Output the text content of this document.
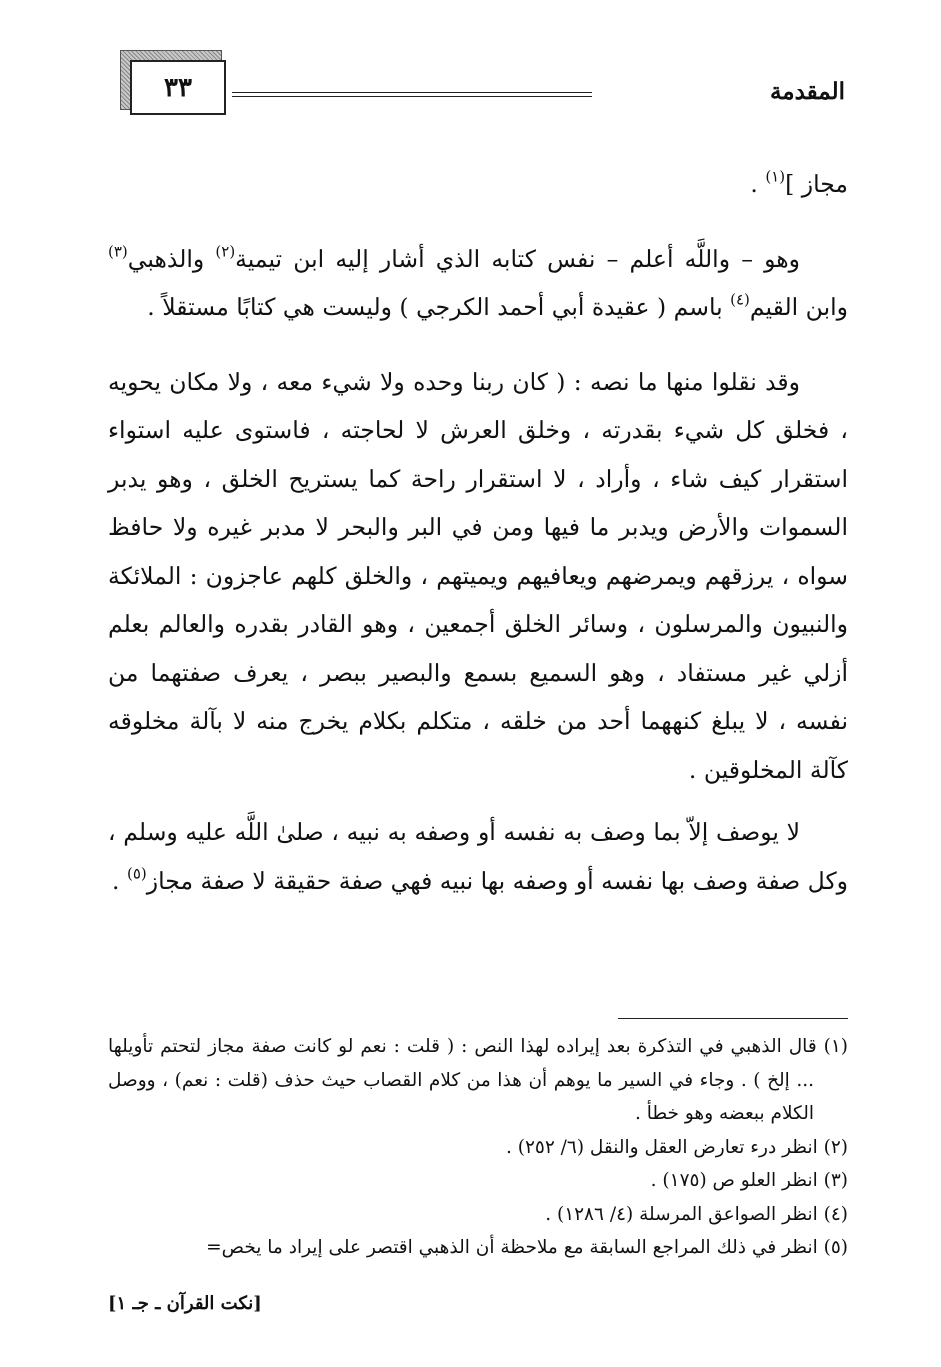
٣٣	المقدمة

مجاز ]$^{(١)}$ .

وهو – واللَّه أعلم – نفس كتابه الذي أشار إليه ابن تيمية$^{(٢)}$ والذهبي$^{(٣)}$ وابن القيم$^{(٤)}$ باسم ( عقيدة أبي أحمد الكرجي ) وليست هي كتابًا مستقلاً .

وقد نقلوا منها ما نصه : ( كان ربنا وحده ولا شيء معه ، ولا مكان يحويه ، فخلق كل شيء بقدرته ، وخلق العرش لا لحاجته ، فاستوى عليه استواء استقرار كيف شاء ، وأراد ، لا استقرار راحة كما يستريح الخلق ، وهو يدبر السموات والأرض ويدبر ما فيها ومن في البر والبحر لا مدبر غيره ولا حافظ سواه ، يرزقهم ويمرضهم ويعافيهم ويميتهم ، والخلق كلهم عاجزون : الملائكة والنبيون والمرسلون ، وسائر الخلق أجمعين ، وهو القادر بقدره والعالم بعلم أزلي غير مستفاد ، وهو السميع بسمع والبصير ببصر ، يعرف صفتهما من نفسه ، لا يبلغ كنههما أحد من خلقه ، متكلم بكلام يخرج منه لا بآلة مخلوقه كآلة المخلوقين .

لا يوصف إلاّ بما وصف به نفسه أو وصفه به نبيه ، صلىٰ اللَّه عليه وسلم ، وكل صفة وصف بها نفسه أو وصفه بها نبيه فهي صفة حقيقة لا صفة مجاز$^{(٥)}$ .

(١) قال الذهبي في التذكرة بعد إيراده لهذا النص : ( قلت : نعم لو كانت صفة مجاز لتحتم تأويلها ... إلخ ) . وجاء في السير ما يوهم أن هذا من كلام القصاب حيث حذف (قلت : نعم) ، ووصل الكلام ببعضه وهو خطأ .

(٢) انظر درء تعارض العقل والنقل (٦/ ٢٥٢) .

(٣) انظر العلو ص (١٧٥) .

(٤) انظر الصواعق المرسلة (٤/ ١٢٨٦) .

(٥) انظر في ذلك المراجع السابقة مع ملاحظة أن الذهبي اقتصر على إيراد ما يخص=

[نكت القرآن ـ جـ ١]
